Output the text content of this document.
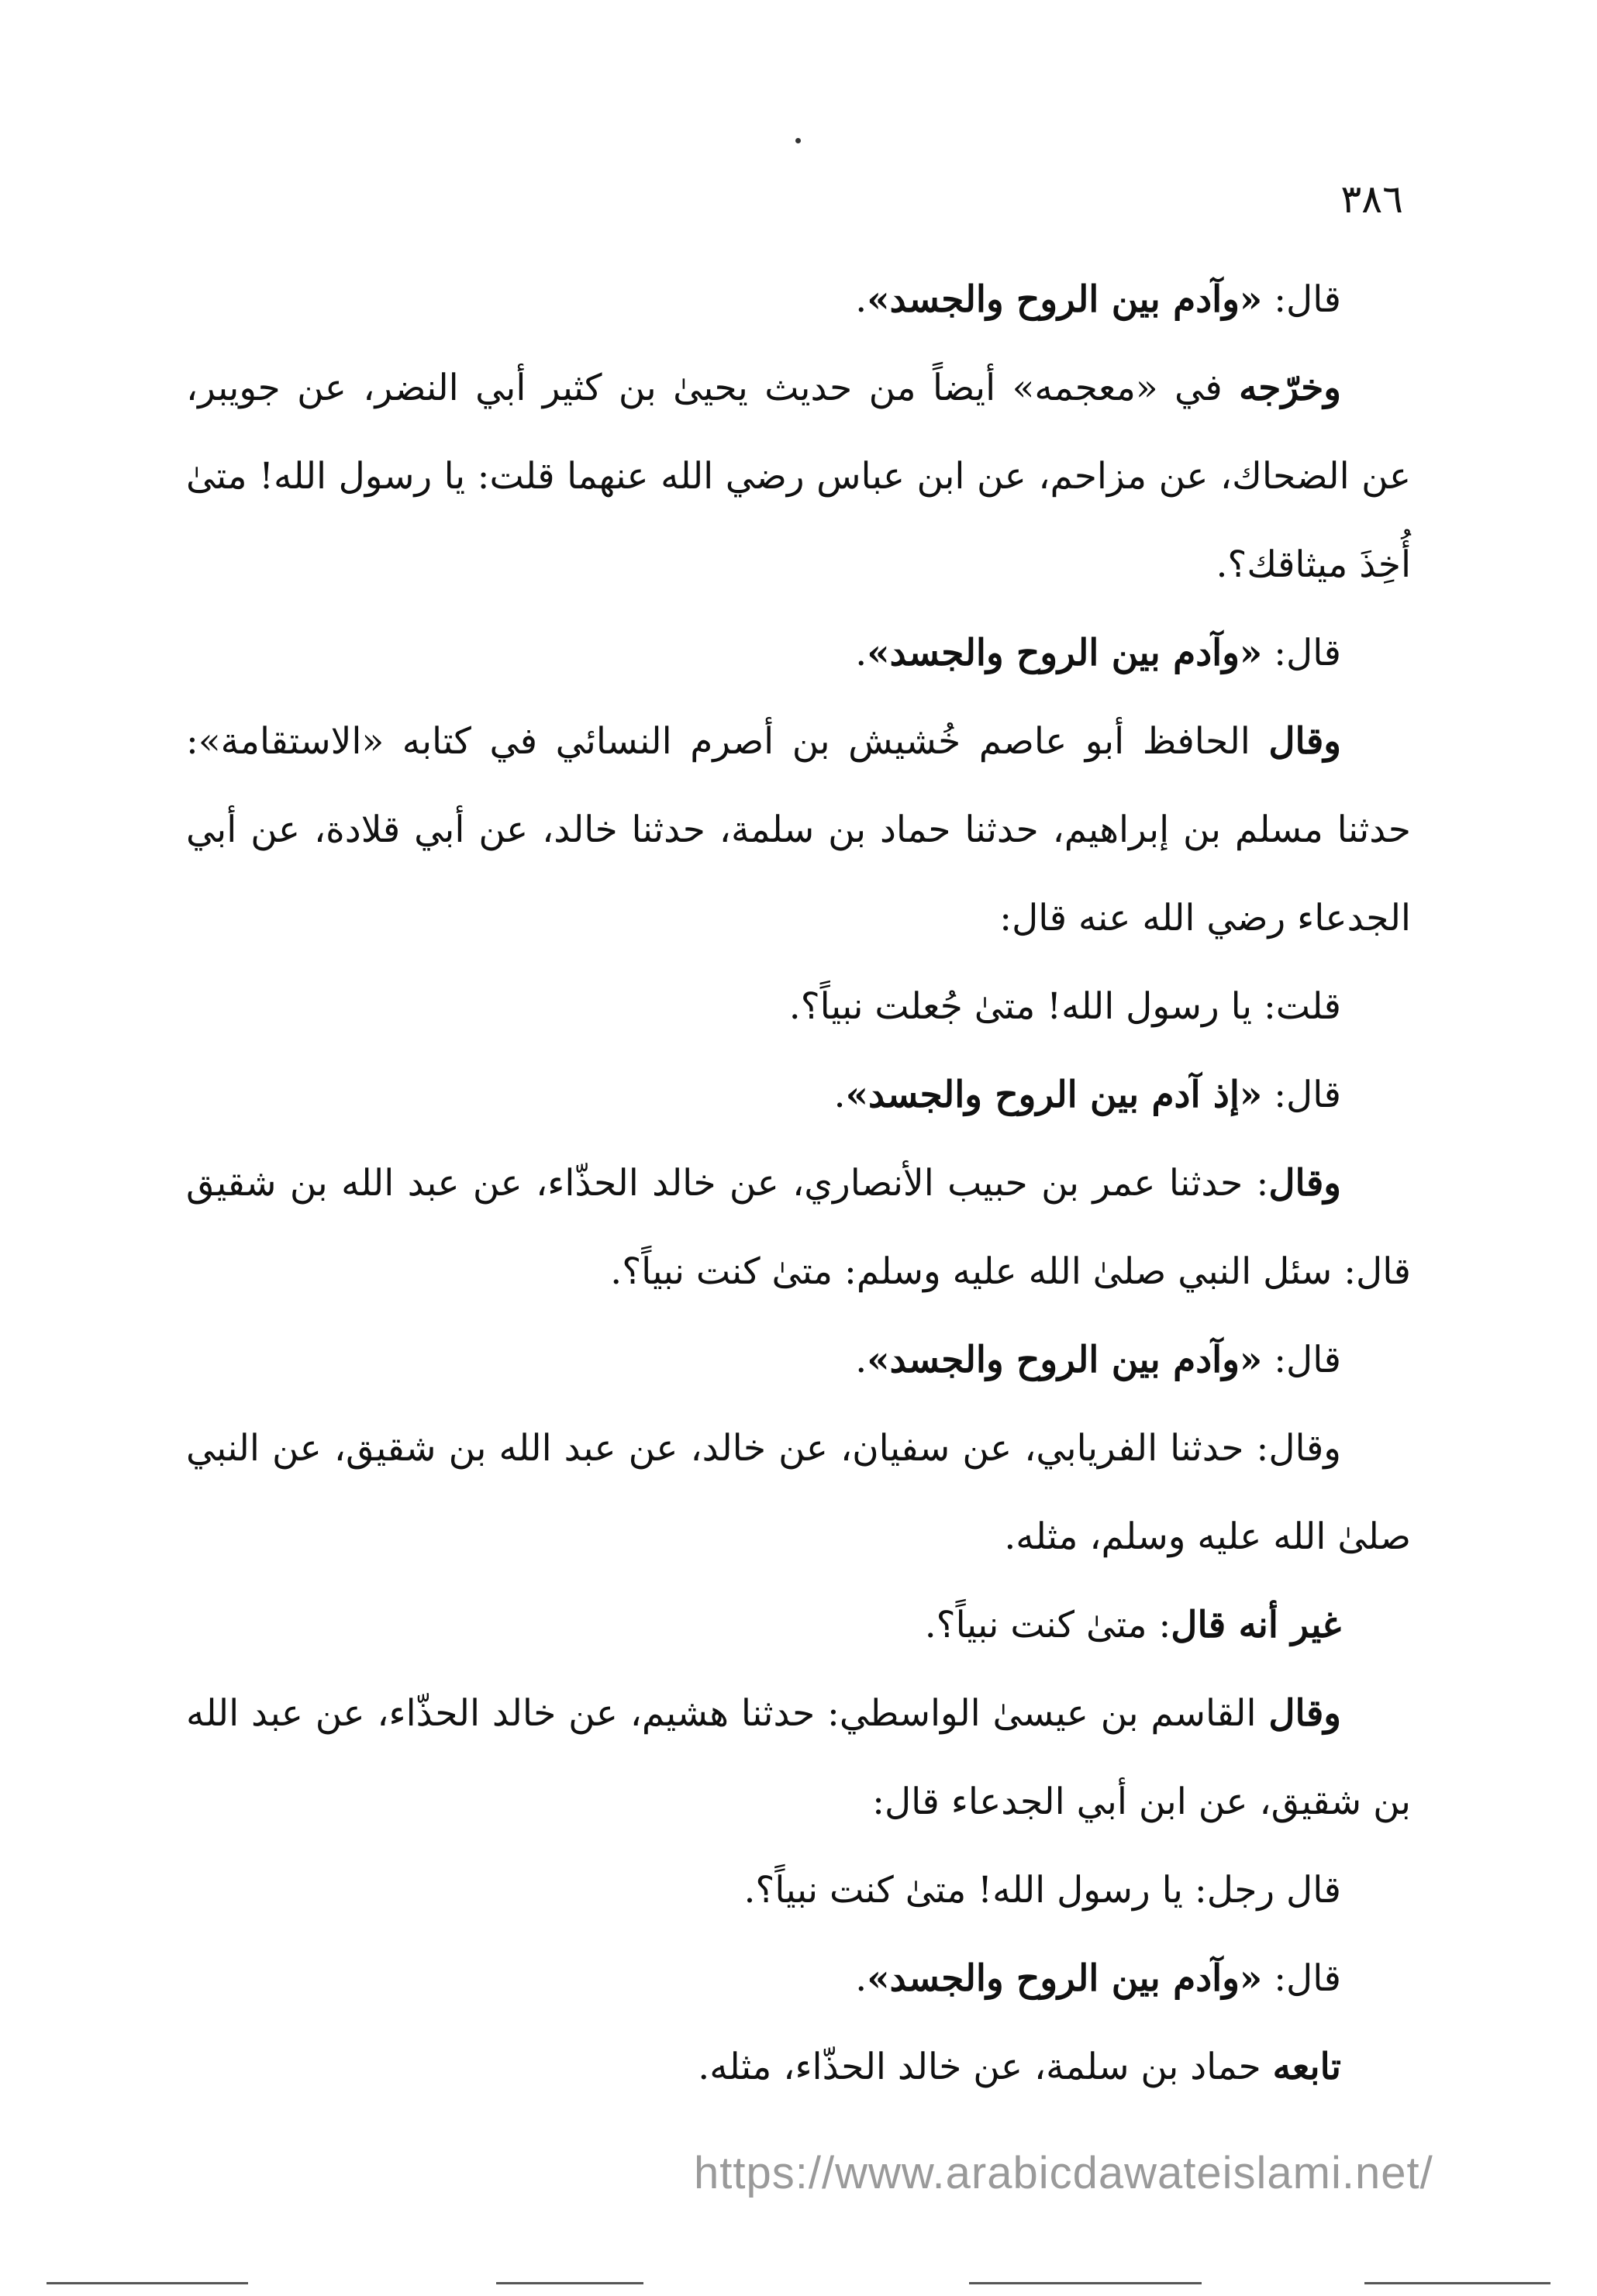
٣٨٦

قال: «وآدم بين الروح والجسد».

وخرّجه في «معجمه» أيضاً من حديث يحيىٰ بن كثير أبي النضر، عن جويبر، عن الضحاك، عن مزاحم، عن ابن عباس رضي الله عنهما قلت: يا رسول الله! متىٰ أُخِذَ ميثاقك؟.

قال: «وآدم بين الروح والجسد».

وقال الحافظ أبو عاصم خُشيش بن أصرم النسائي في كتابه «الاستقامة»: حدثنا مسلم بن إبراهيم، حدثنا حماد بن سلمة، حدثنا خالد، عن أبي قلادة، عن أبي الجدعاء رضي الله عنه قال:

قلت: يا رسول الله! متىٰ جُعلت نبياً؟.

قال: «إذ آدم بين الروح والجسد».

وقال: حدثنا عمر بن حبيب الأنصاري، عن خالد الحذّاء، عن عبد الله بن شقيق قال: سئل النبي صلىٰ الله عليه وسلم: متىٰ كنت نبياً؟.

قال: «وآدم بين الروح والجسد».

وقال: حدثنا الفريابي، عن سفيان، عن خالد، عن عبد الله بن شقيق، عن النبي صلىٰ الله عليه وسلم، مثله.

غير أنه قال: متىٰ كنت نبياً؟.

وقال القاسم بن عيسىٰ الواسطي: حدثنا هشيم، عن خالد الحذّاء، عن عبد الله بن شقيق، عن ابن أبي الجدعاء قال:

قال رجل: يا رسول الله! متىٰ كنت نبياً؟.

قال: «وآدم بين الروح والجسد».

تابعه حماد بن سلمة، عن خالد الحذّاء، مثله.

https://www.arabicdawateislami.net/
